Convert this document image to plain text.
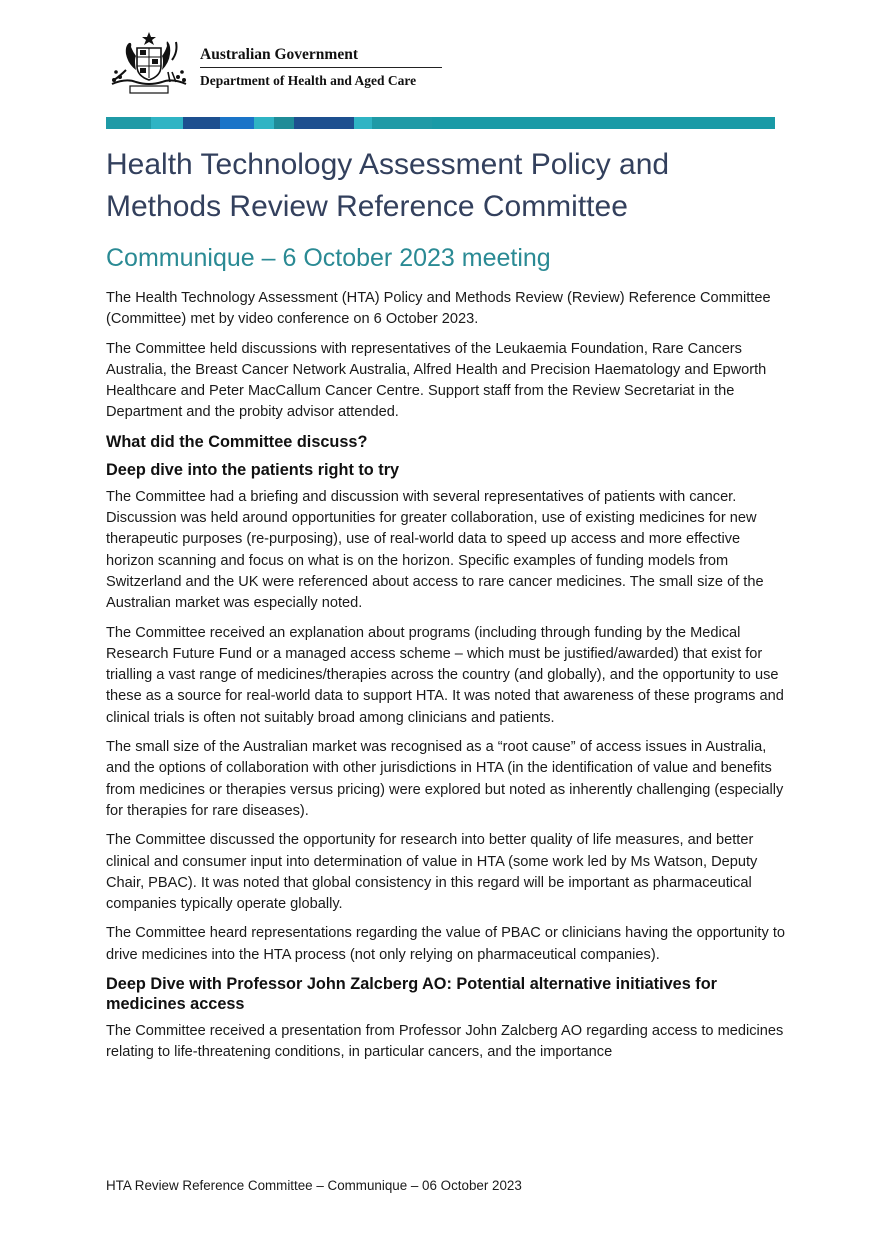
Australian Government
Department of Health and Aged Care
Health Technology Assessment Policy and Methods Review Reference Committee
Communique – 6 October 2023 meeting

The Health Technology Assessment (HTA) Policy and Methods Review (Review) Reference Committee (Committee) met by video conference on 6 October 2023.

The Committee held discussions with representatives of the Leukaemia Foundation, Rare Cancers Australia, the Breast Cancer Network Australia, Alfred Health and Precision Haematology and Epworth Healthcare and Peter MacCallum Cancer Centre. Support staff from the Review Secretariat in the Department and the probity advisor attended.

What did the Committee discuss?
Deep dive into the patients right to try

The Committee had a briefing and discussion with several representatives of patients with cancer. Discussion was held around opportunities for greater collaboration, use of existing medicines for new therapeutic purposes (re-purposing), use of real-world data to speed up access and more effective horizon scanning and focus on what is on the horizon. Specific examples of funding models from Switzerland and the UK were referenced about access to rare cancer medicines. The small size of the Australian market was especially noted.

The Committee received an explanation about programs (including through funding by the Medical Research Future Fund or a managed access scheme – which must be justified/awarded) that exist for trialling a vast range of medicines/therapies across the country (and globally), and the opportunity to use these as a source for real-world data to support HTA. It was noted that awareness of these programs and clinical trials is often not suitably broad among clinicians and patients.

The small size of the Australian market was recognised as a “root cause” of access issues in Australia, and the options of collaboration with other jurisdictions in HTA (in the identification of value and benefits from medicines or therapies versus pricing) were explored but noted as inherently challenging (especially for therapies for rare diseases).

The Committee discussed the opportunity for research into better quality of life measures, and better clinical and consumer input into determination of value in HTA (some work led by Ms Watson, Deputy Chair, PBAC). It was noted that global consistency in this regard will be important as pharmaceutical companies typically operate globally.

The Committee heard representations regarding the value of PBAC or clinicians having the opportunity to drive medicines into the HTA process (not only relying on pharmaceutical companies).

Deep Dive with Professor John Zalcberg AO: Potential alternative initiatives for medicines access

The Committee received a presentation from Professor John Zalcberg AO regarding access to medicines relating to life-threatening conditions, in particular cancers, and the importance

HTA Review Reference Committee – Communique – 06 October 2023
